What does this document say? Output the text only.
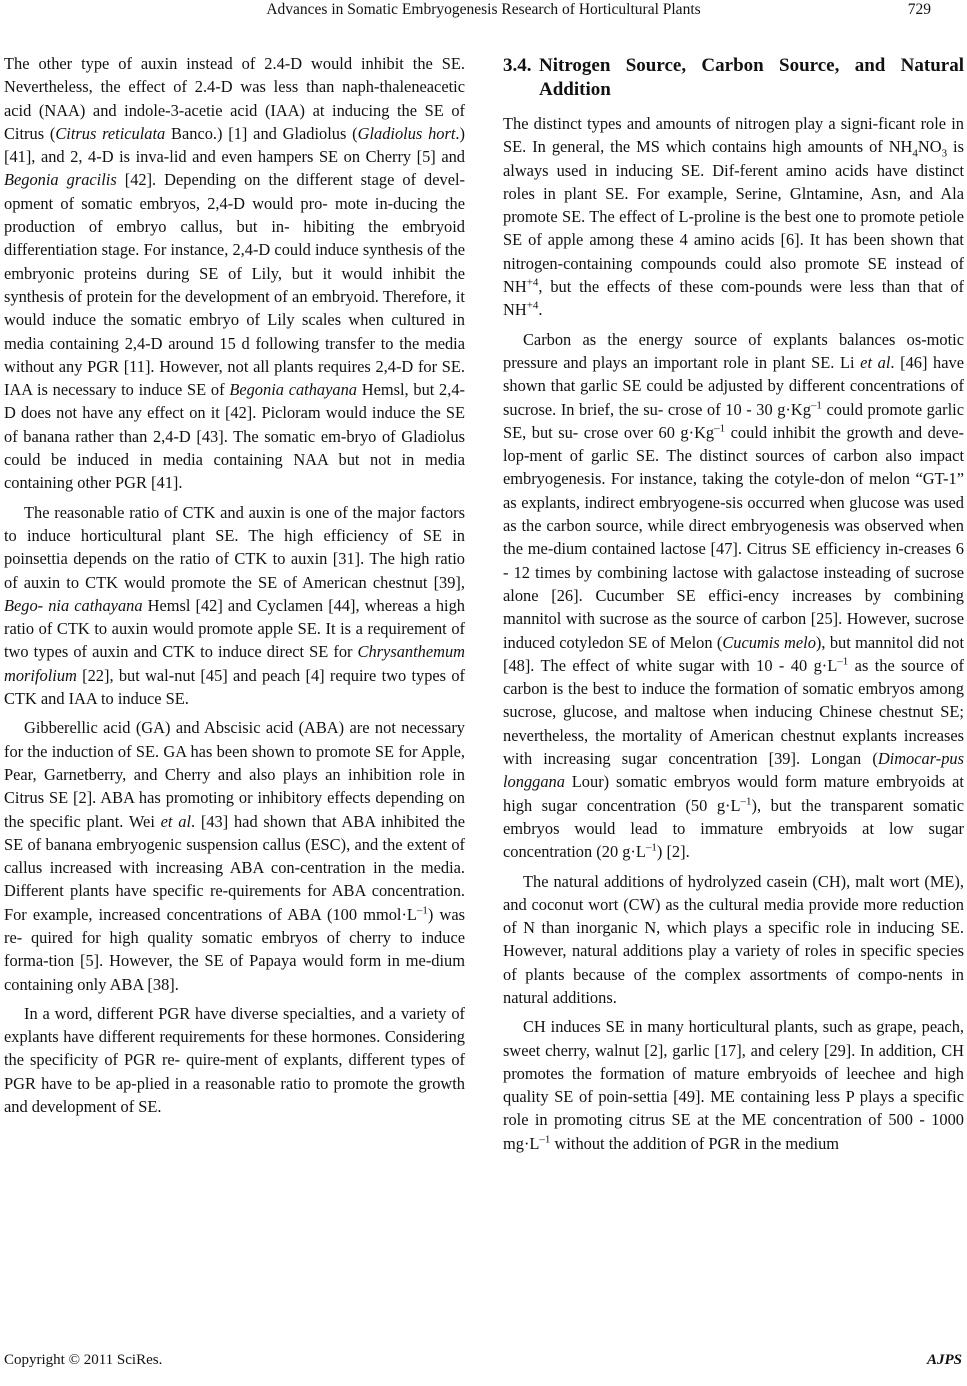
Advances in Somatic Embryogenesis Research of Horticultural Plants	729

The other type of auxin instead of 2.4-D would inhibit the SE. Nevertheless, the effect of 2.4-D was less than naph-thaleneacetic acid (NAA) and indole-3-acetie acid (IAA) at inducing the SE of Citrus (Citrus reticulata Banco.) [1] and Gladiolus (Gladiolus hort.) [41], and 2, 4-D is inva-lid and even hampers SE on Cherry [5] and Begonia gracilis [42]. Depending on the different stage of devel-opment of somatic embryos, 2,4-D would pro- mote in-ducing the production of embryo callus, but in- hibiting the embryoid differentiation stage. For instance, 2,4-D could induce synthesis of the embryonic proteins during SE of Lily, but it would inhibit the synthesis of protein for the development of an embryoid. Therefore, it would induce the somatic embryo of Lily scales when cultured in media containing 2,4-D around 15 d following transfer to the media without any PGR [11]. However, not all plants requires 2,4-D for SE. IAA is necessary to induce SE of Begonia cathayana Hemsl, but 2,4-D does not have any effect on it [42]. Picloram would induce the SE of banana rather than 2,4-D [43]. The somatic em-bryo of Gladiolus could be induced in media containing NAA but not in media containing other PGR [41].

The reasonable ratio of CTK and auxin is one of the major factors to induce horticultural plant SE. The high efficiency of SE in poinsettia depends on the ratio of CTK to auxin [31]. The high ratio of auxin to CTK would promote the SE of American chestnut [39], Bego- nia cathayana Hemsl [42] and Cyclamen [44], whereas a high ratio of CTK to auxin would promote apple SE. It is a requirement of two types of auxin and CTK to induce direct SE for Chrysanthemum morifolium [22], but wal-nut [45] and peach [4] require two types of CTK and IAA to induce SE.

Gibberellic acid (GA) and Abscisic acid (ABA) are not necessary for the induction of SE. GA has been shown to promote SE for Apple, Pear, Garnetberry, and Cherry and also plays an inhibition role in Citrus SE [2]. ABA has promoting or inhibitory effects depending on the specific plant. Wei et al. [43] had shown that ABA inhibited the SE of banana embryogenic suspension callus (ESC), and the extent of callus increased with increasing ABA con-centration in the media. Different plants have specific re-quirements for ABA concentration. For example, increased concentrations of ABA (100 $mmol\cdot L^{-1}$) was re- quired for high quality somatic embryos of cherry to induce forma-tion [5]. However, the SE of Papaya would form in me-dium containing only ABA [38].

In a word, different PGR have diverse specialties, and a variety of explants have different requirements for these hormones. Considering the specificity of PGR re- quire-ment of explants, different types of PGR have to be ap-plied in a reasonable ratio to promote the growth and development of SE.

3.4. Nitrogen Source, Carbon Source, and Natural Addition

The distinct types and amounts of nitrogen play a signi-ficant role in SE. In general, the MS which contains high amounts of $NH_4NO_3$ is always used in inducing SE. Dif-ferent amino acids have distinct roles in plant SE. For example, Serine, Glntamine, Asn, and Ala promote SE. The effect of L-proline is the best one to promote petiole SE of apple among these 4 amino acids [6]. It has been shown that nitrogen-containing compounds could also promote SE instead of $NH^{+4}$, but the effects of these com-pounds were less than that of $NH^{+4}$.

Carbon as the energy source of explants balances os-motic pressure and plays an important role in plant SE. Li et al. [46] have shown that garlic SE could be adjusted by different concentrations of sucrose. In brief, the su- crose of 10 - 30 $g\cdot Kg^{-1}$ could promote garlic SE, but su- crose over 60 $g\cdot Kg^{-1}$ could inhibit the growth and deve- lop-ment of garlic SE. The distinct sources of carbon also impact embryogenesis. For instance, taking the cotyle-don of melon “GT-1” as explants, indirect embryogene-sis occurred when glucose was used as the carbon source, while direct embryogenesis was observed when the me-dium contained lactose [47]. Citrus SE efficiency in-creases 6 - 12 times by combining lactose with galactose insteading of sucrose alone [26]. Cucumber SE effici-ency increases by combining mannitol with sucrose as the source of carbon [25]. However, sucrose induced cotyledon SE of Melon (Cucumis melo), but mannitol did not [48]. The effect of white sugar with 10 - 40 $g\cdot L^{-1}$ as the source of carbon is the best to induce the formation of somatic embryos among sucrose, glucose, and maltose when inducing Chinese chestnut SE; nevertheless, the mortality of American chestnut explants increases with increasing sugar concentration [39]. Longan (Dimocar-pus longgana Lour) somatic embryos would form mature embryoids at high sugar concentration (50 $g\cdot L^{-1}$), but the transparent somatic embryos would lead to immature embryoids at low sugar concentration (20 $g\cdot L^{-1}$) [2].

The natural additions of hydrolyzed casein (CH), malt wort (ME), and coconut wort (CW) as the cultural media provide more reduction of N than inorganic N, which plays a specific role in inducing SE. However, natural additions play a variety of roles in specific species of plants because of the complex assortments of compo-nents in natural additions.

CH induces SE in many horticultural plants, such as grape, peach, sweet cherry, walnut [2], garlic [17], and celery [29]. In addition, CH promotes the formation of mature embryoids of leechee and high quality SE of poin-settia [49]. ME containing less P plays a specific role in promoting citrus SE at the ME concentration of 500 - 1000 $mg\cdot L^{-1}$ without the addition of PGR in the medium

Copyright © 2011 SciRes.	AJPS
